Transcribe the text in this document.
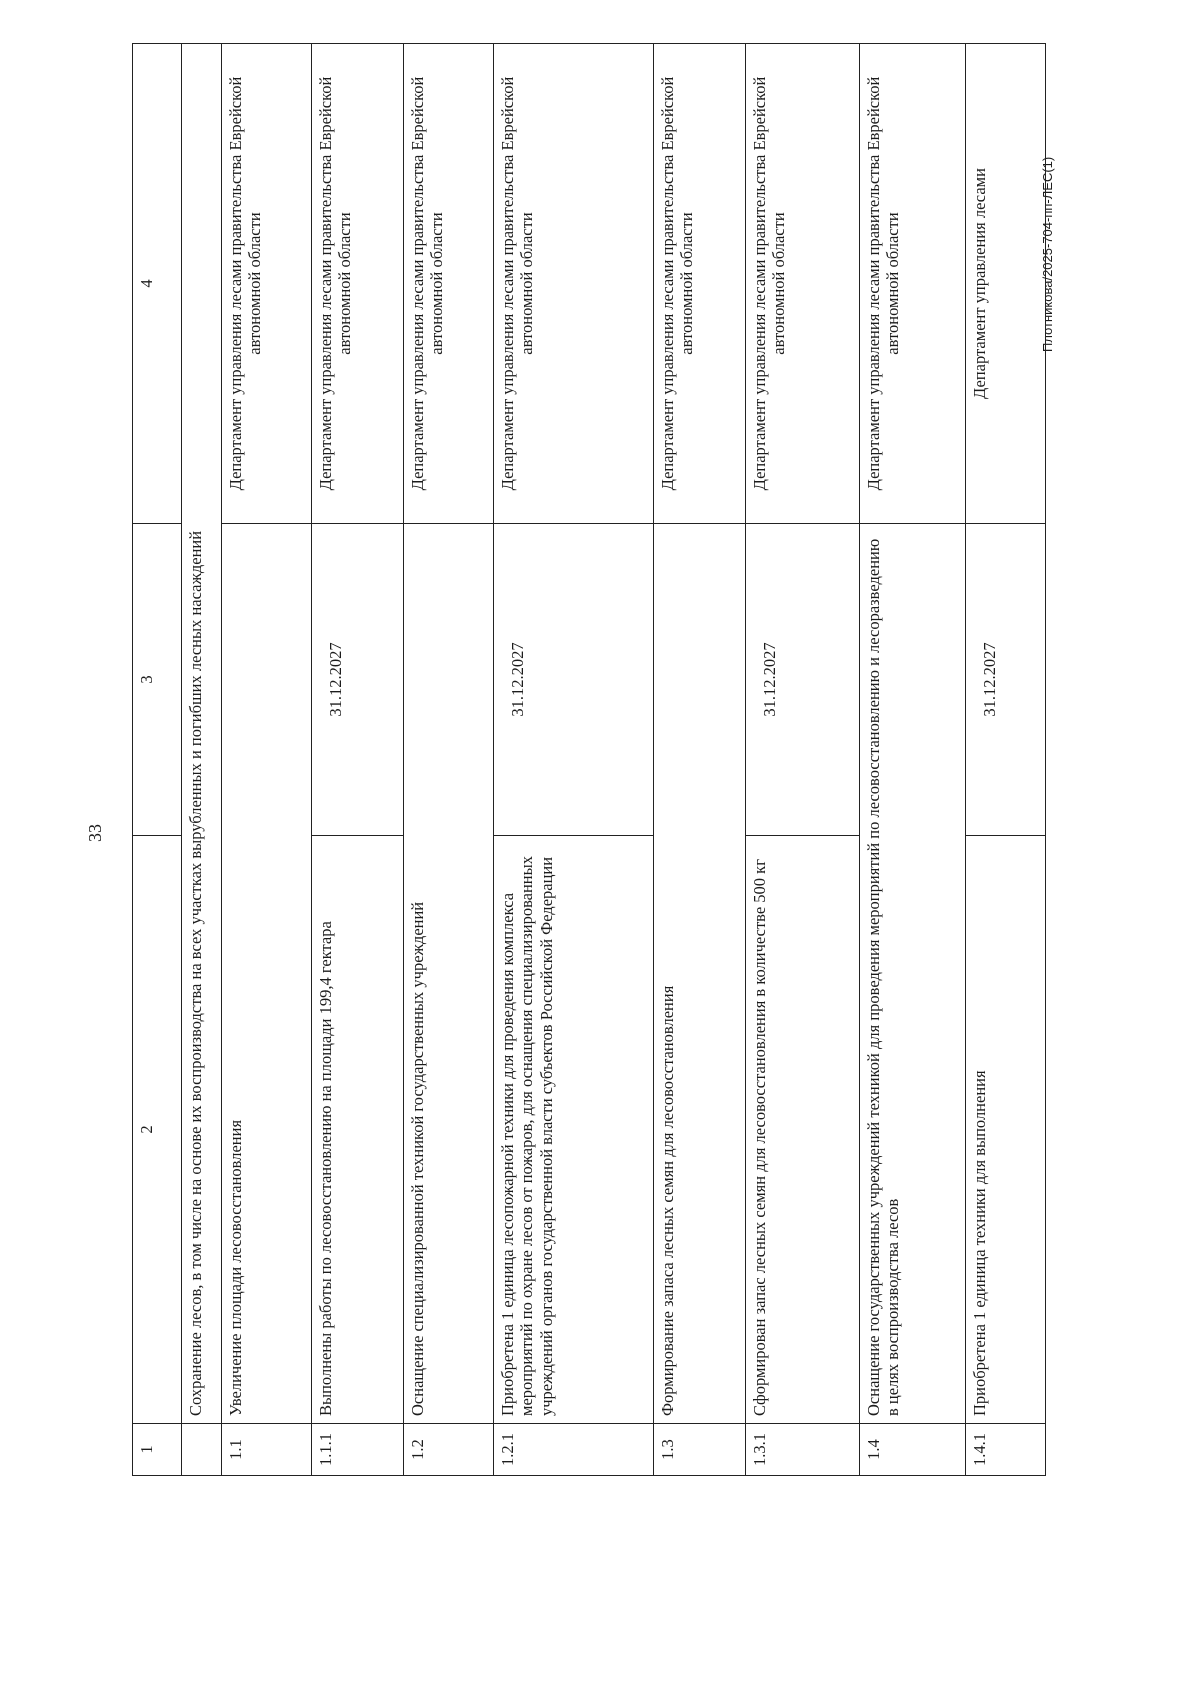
33
Плотникова/2025-704-пп-ЛЕС(1)
1	2	3	4
	Сохранение лесов, в том числе на основе их воспроизводства на всех участках вырубленных и погибших лесных насаждений		
1.1	Увеличение площади лесовосстановления		Департамент управления лесами правительства Еврейской автономной области
1.1.1	Выполнены работы по лесовосстановлению на площади 199,4 гектара	31.12.2027	Департамент управления лесами правительства Еврейской автономной области
1.2	Оснащение специализированной техникой государственных учреждений		Департамент управления лесами правительства Еврейской автономной области
1.2.1	Приобретена 1 единица лесопожарной техники для проведения комплекса мероприятий по охране лесов от пожаров, для оснащения специализированных учреждений органов государственной власти субъектов Российской Федерации	31.12.2027	Департамент управления лесами правительства Еврейской автономной области
1.3	Формирование запаса лесных семян для лесовосстановления		Департамент управления лесами правительства Еврейской автономной области
1.3.1	Сформирован запас лесных семян для лесовосстановления в количестве 500 кг	31.12.2027	Департамент управления лесами правительства Еврейской автономной области
1.4	Оснащение государственных учреждений техникой для проведения мероприятий по лесовосстановлению и лесоразведению в целях воспроизводства лесов		Департамент управления лесами правительства Еврейской автономной области
1.4.1	Приобретена 1 единица техники для выполнения	31.12.2027	Департамент управления лесами
